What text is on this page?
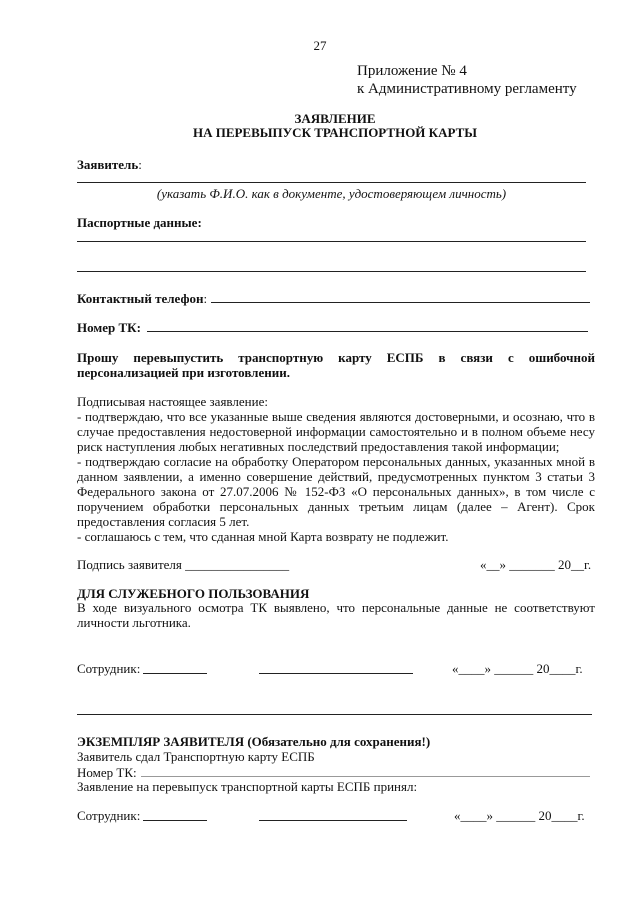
27
Приложение № 4
к Административному регламенту
ЗАЯВЛЕНИЕ
НА ПЕРЕВЫПУСК ТРАНСПОРТНОЙ КАРТЫ
Заявитель:
(указать Ф.И.О. как в документе, удостоверяющем личность)
Паспортные данные:
Контактный телефон :
Номер ТК:
Прошу перевыпустить транспортную карту ЕСПБ в связи с ошибочной персонализацией при изготовлении.
Подписывая настоящее заявление:
- подтверждаю, что все указанные выше сведения являются достоверными, и осознаю, что в случае предоставления недостоверной информации самостоятельно и в полном объеме несу риск наступления любых негативных последствий предоставления такой информации;
- подтверждаю согласие на обработку Оператором персональных данных, указанных мной в данном заявлении, а именно совершение действий, предусмотренных пунктом 3 статьи 3 Федерального закона от 27.07.2006 № 152-ФЗ «О персональных данных», в том числе с поручением обработки персональных данных третьим лицам (далее – Агент). Срок предоставления согласия 5 лет.
- соглашаюсь с тем, что сданная мной Карта возврату не подлежит.
Подпись заявителя ________________	«__» _______ 20__г.
ДЛЯ СЛУЖЕБНОГО ПОЛЬЗОВАНИЯ
В ходе визуального осмотра ТК выявлено, что персональные данные не соответствуют личности льготника.
Сотрудник:	«____» ______ 20____г.
ЭКЗЕМПЛЯР ЗАЯВИТЕЛЯ (Обязательно для сохранения!)
Заявитель сдал Транспортную карту ЕСПБ
Номер ТК:
Заявление на перевыпуск транспортной карты ЕСПБ принял:
Сотрудник:	«____» ______ 20____г.
